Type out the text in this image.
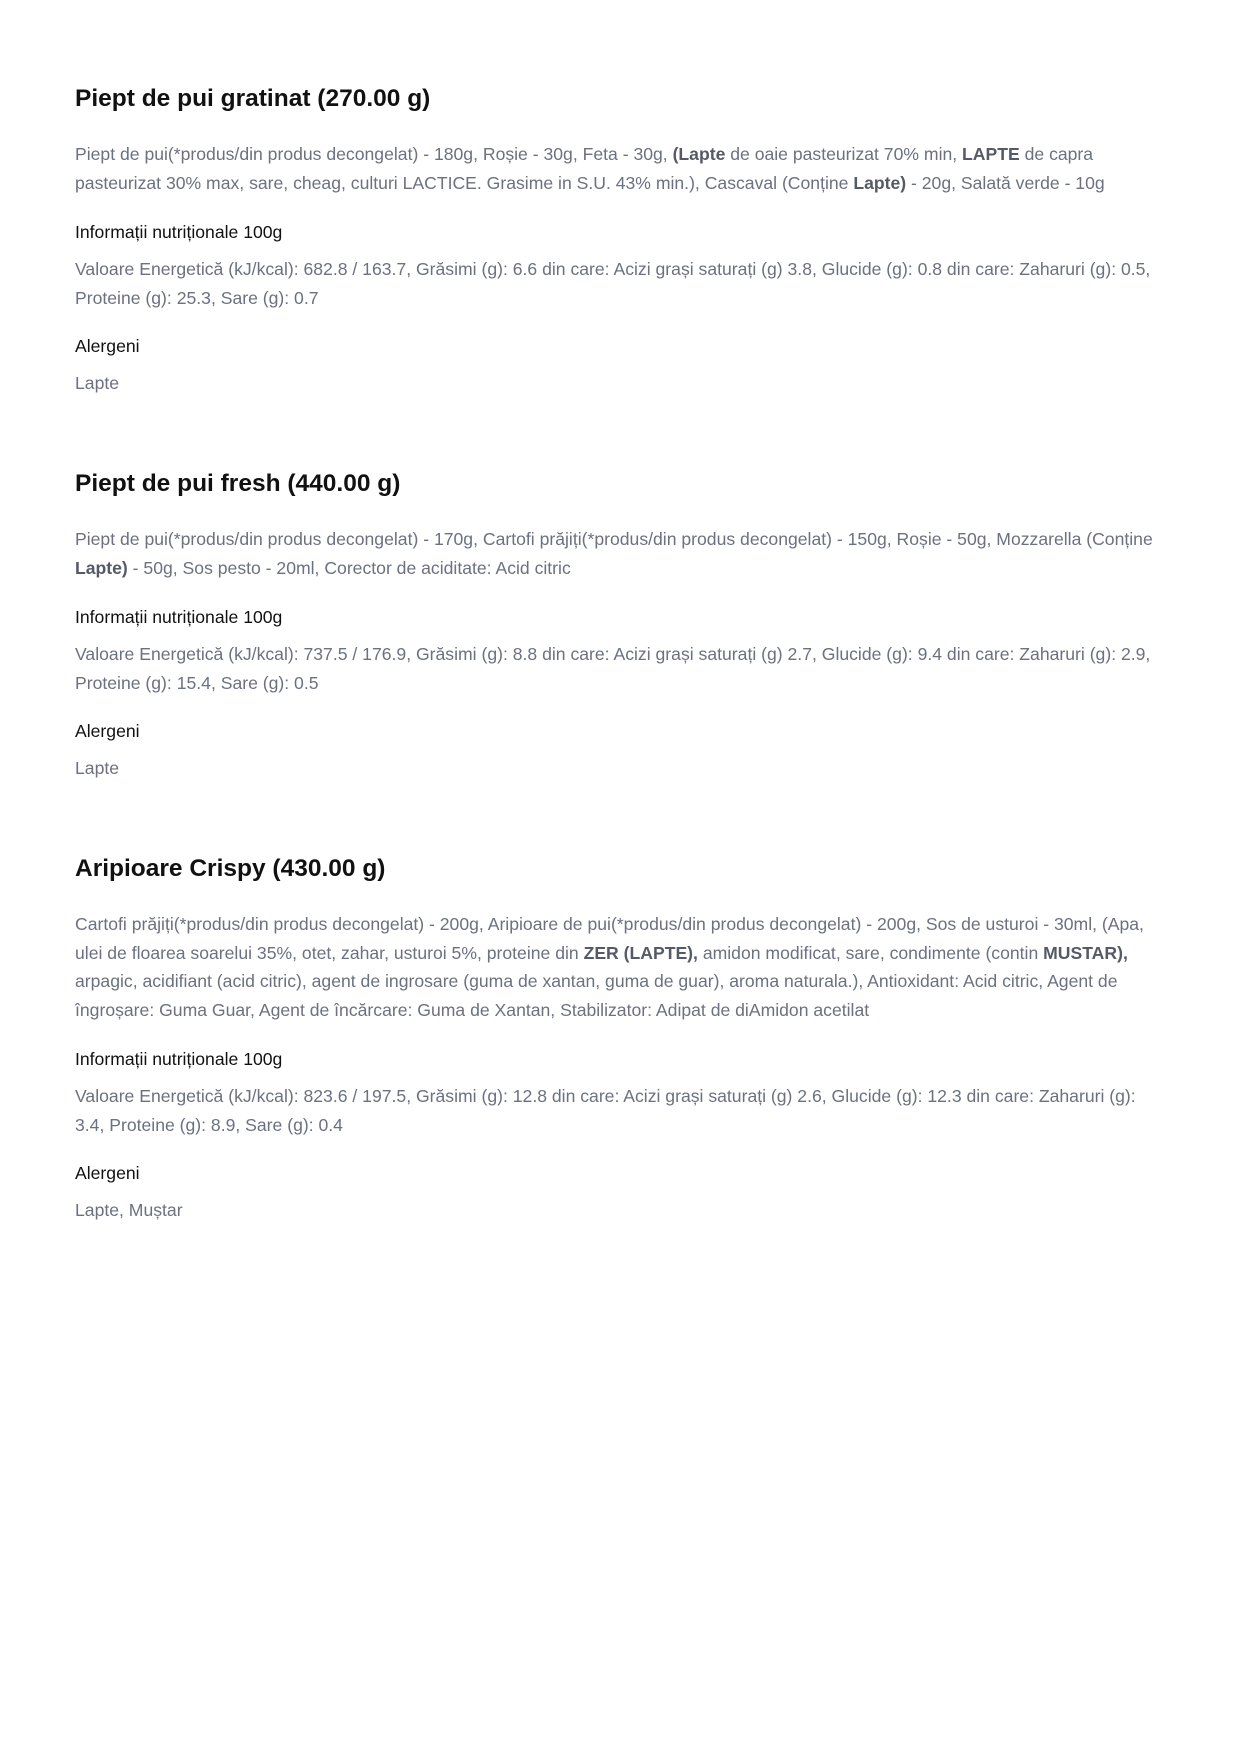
Piept de pui gratinat (270.00 g)

Piept de pui(*produs/din produs decongelat) - 180g, Roșie - 30g, Feta - 30g, (Lapte de oaie pasteurizat 70% min, LAPTE de capra pasteurizat 30% max, sare, cheag, culturi LACTICE. Grasime in S.U. 43% min.), Cascaval (Conține Lapte) - 20g, Salată verde - 10g

Informații nutriționale 100g

Valoare Energetică (kJ/kcal): 682.8 / 163.7, Grăsimi (g): 6.6 din care: Acizi grași saturați (g) 3.8, Glucide (g): 0.8 din care: Zaharuri (g): 0.5, Proteine (g): 25.3, Sare (g): 0.7

Alergeni

Lapte

Piept de pui fresh (440.00 g)

Piept de pui(*produs/din produs decongelat) - 170g, Cartofi prăjiți(*produs/din produs decongelat) - 150g, Roșie - 50g, Mozzarella (Conține Lapte) - 50g, Sos pesto - 20ml, Corector de aciditate: Acid citric

Informații nutriționale 100g

Valoare Energetică (kJ/kcal): 737.5 / 176.9, Grăsimi (g): 8.8 din care: Acizi grași saturați (g) 2.7, Glucide (g): 9.4 din care: Zaharuri (g): 2.9, Proteine (g): 15.4, Sare (g): 0.5

Alergeni

Lapte

Aripioare Crispy (430.00 g)

Cartofi prăjiți(*produs/din produs decongelat) - 200g, Aripioare de pui(*produs/din produs decongelat) - 200g, Sos de usturoi - 30ml, (Apa, ulei de floarea soarelui 35%, otet, zahar, usturoi 5%, proteine din ZER (LAPTE), amidon modificat, sare, condimente (contin MUSTAR), arpagic, acidifiant (acid citric), agent de ingrosare (guma de xantan, guma de guar), aroma naturala.), Antioxidant: Acid citric, Agent de îngroșare: Guma Guar, Agent de încărcare: Guma de Xantan, Stabilizator: Adipat de diAmidon acetilat

Informații nutriționale 100g

Valoare Energetică (kJ/kcal): 823.6 / 197.5, Grăsimi (g): 12.8 din care: Acizi grași saturați (g) 2.6, Glucide (g): 12.3 din care: Zaharuri (g): 3.4, Proteine (g): 8.9, Sare (g): 0.4

Alergeni

Lapte, Muștar
